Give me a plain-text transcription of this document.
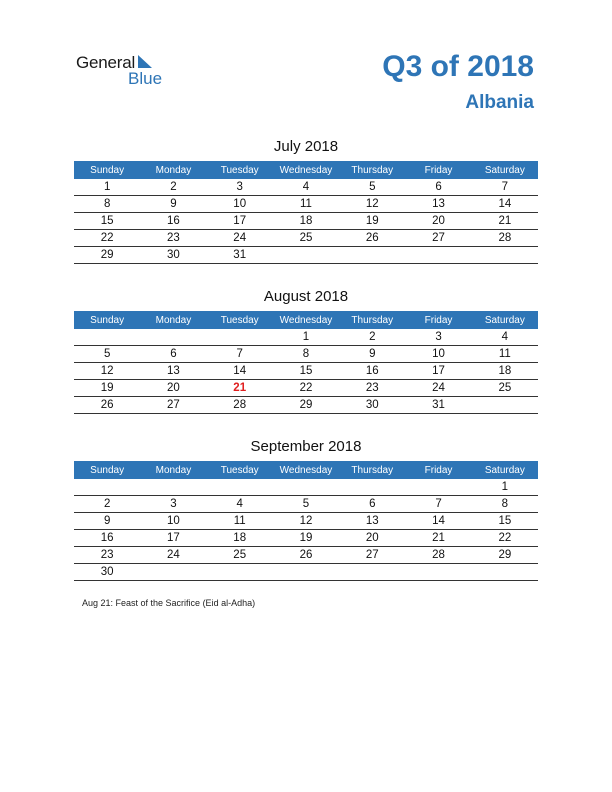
General
Blue	Q3 of 2018
Albania
July 2018
Sunday	Monday	Tuesday	Wednesday	Thursday	Friday	Saturday
1	2	3	4	5	6	7
8	9	10	11	12	13	14
15	16	17	18	19	20	21
22	23	24	25	26	27	28
29	30	31				
August 2018
Sunday	Monday	Tuesday	Wednesday	Thursday	Friday	Saturday
			1	2	3	4
5	6	7	8	9	10	11
12	13	14	15	16	17	18
19	20	21	22	23	24	25
26	27	28	29	30	31	
September 2018
Sunday	Monday	Tuesday	Wednesday	Thursday	Friday	Saturday
						1
2	3	4	5	6	7	8
9	10	11	12	13	14	15
16	17	18	19	20	21	22
23	24	25	26	27	28	29
30						
Aug 21: Feast of the Sacrifice (Eid al-Adha)
